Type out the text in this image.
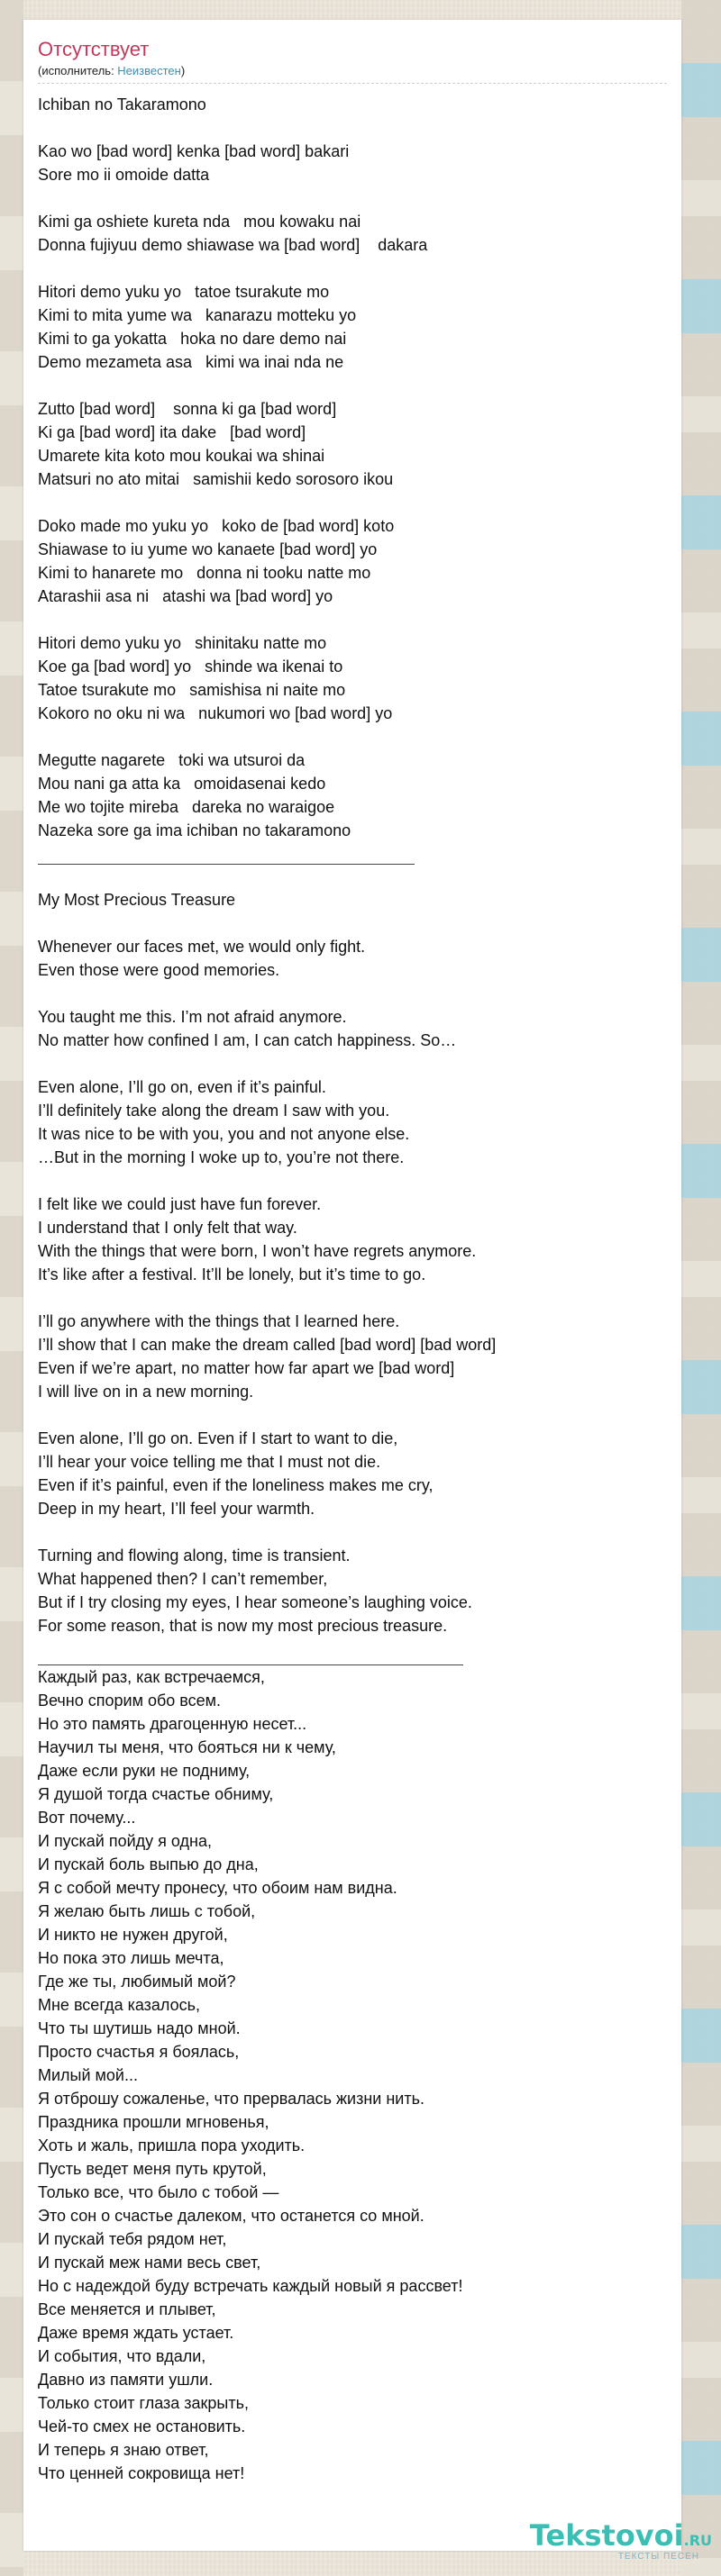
Отсутствует
(исполнитель: Неизвестен)
Ichiban no Takaramono
Kao wo [bad word] kenka [bad word] bakari
Sore mo ii omoide datta
Kimi ga oshiete kureta nda   mou kowaku nai
Donna fujiyuu demo shiawase wa [bad word]    dakara
Hitori demo yuku yo   tatoe tsurakute mo
Kimi to mita yume wa   kanarazu motteku yo
Kimi to ga yokatta   hoka no dare demo nai
Demo mezameta asa   kimi wa inai nda ne
Zutto [bad word]    sonna ki ga [bad word]
Ki ga [bad word] ita dake   [bad word]
Umarete kita koto mou koukai wa shinai
Matsuri no ato mitai   samishii kedo sorosoro ikou
Doko made mo yuku yo   koko de [bad word] koto
Shiawase to iu yume wo kanaete [bad word] yo
Kimi to hanarete mo   donna ni tooku natte mo
Atarashii asa ni   atashi wa [bad word] yo
Hitori demo yuku yo   shinitaku natte mo
Koe ga [bad word] yo   shinde wa ikenai to
Tatoe tsurakute mo   samishisa ni naite mo
Kokoro no oku ni wa   nukumori wo [bad word] yo
Megutte nagarete   toki wa utsuroi da
Mou nani ga atta ka   omoidasenai kedo
Me wo tojite mireba   dareka no waraigoe
Nazeka sore ga ima ichiban no takaramono
My Most Precious Treasure
Whenever our faces met, we would only fight.
Even those were good memories.
You taught me this. I’m not afraid anymore.
No matter how confined I am, I can catch happiness. So…
Even alone, I’ll go on, even if it’s painful.
I’ll definitely take along the dream I saw with you.
It was nice to be with you, you and not anyone else.
…But in the morning I woke up to, you’re not there.
I felt like we could just have fun forever.
I understand that I only felt that way.
With the things that were born, I won’t have regrets anymore.
It’s like after a festival. It’ll be lonely, but it’s time to go.
I’ll go anywhere with the things that I learned here.
I’ll show that I can make the dream called [bad word] [bad word]
Even if we’re apart, no matter how far apart we [bad word]
I will live on in a new morning.
Even alone, I’ll go on. Even if I start to want to die,
I’ll hear your voice telling me that I must not die.
Even if it’s painful, even if the loneliness makes me cry,
Deep in my heart, I’ll feel your warmth.
Turning and flowing along, time is transient.
What happened then? I can’t remember,
But if I try closing my eyes, I hear someone’s laughing voice.
For some reason, that is now my most precious treasure.
Каждый раз, как встречаемся,
Вечно спорим обо всем.
Но это память драгоценную несет...
Научил ты меня, что бояться ни к чему,
Даже если руки не подниму,
Я душой тогда счастье обниму,
Вот почему...
И пускай пойду я одна,
И пускай боль выпью до дна,
Я с собой мечту пронесу, что обоим нам видна.
Я желаю быть лишь с тобой,
И никто не нужен другой,
Но пока это лишь мечта,
Где же ты, любимый мой?
Мне всегда казалось,
Что ты шутишь надо мной.
Просто счастья я боялась,
Милый мой...
Я отброшу сожаленье, что прервалась жизни нить.
Праздника прошли мгновенья,
Хоть и жаль, пришла пора уходить.
Пусть ведет меня путь крутой,
Только все, что было с тобой —
Это сон о счастье далеком, что останется со мной.
И пускай тебя рядом нет,
И пускай меж нами весь свет,
Но с надеждой буду встречать каждый новый я рассвет!
Все меняется и плывет,
Даже время ждать устает.
И события, что вдали,
Давно из памяти ушли.
Только стоит глаза закрыть,
Чей-то смех не остановить.
И теперь я знаю ответ,
Что ценней сокровища нет!
Tekstovoi.RU
ТЕКСТЫ ПЕСЕН
